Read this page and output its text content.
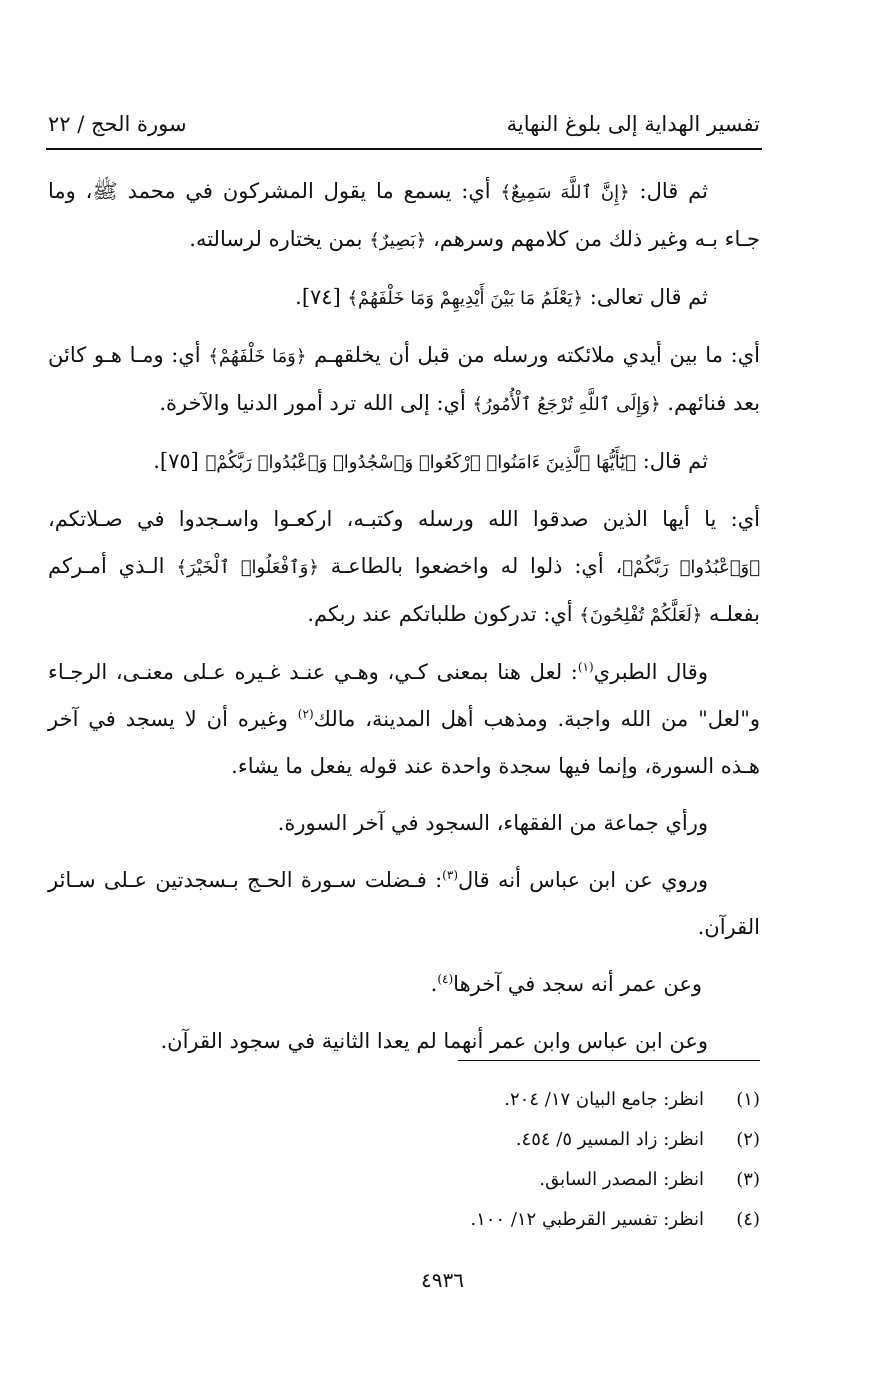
تفسير الهداية إلى بلوغ النهاية
سورة الحج / ٢٢

ثم قال: ﴿إِنَّ ٱللَّهَ سَمِيعٌ﴾ أي: يسمع ما يقول المشركون في محمد ﷺ، وما جـاء بـه وغير ذلك من كلامهم وسرهم، ﴿بَصِيرٌ﴾ بمن يختاره لرسالته.

ثم قال تعالى: ﴿يَعْلَمُ مَا بَيْنَ أَيْدِيهِمْ وَمَا خَلْفَهُمْ﴾ [٧٤].

أي: ما بين أيدي ملائكته ورسله من قبل أن يخلقهـم ﴿وَمَا خَلْفَهُمْ﴾ أي: ومـا هـو كائن بعد فنائهم. ﴿وَإِلَى ٱللَّهِ تُرْجَعُ ٱلْأُمُورُ﴾ أي: إلى الله ترد أمور الدنيا والآخرة.

ثم قال: ﴿يَٰٓأَيُّهَا ٱلَّذِينَ ءَامَنُوا۟ ٱرْكَعُوا۟ وَٱسْجُدُوا۟ وَٱعْبُدُوا۟ رَبَّكُمْ﴾ [٧٥].

أي: يا أيها الذين صدقوا الله ورسله وكتبـه، اركعـوا واسـجدوا في صـلاتكم، ﴿وَٱعْبُدُوا۟ رَبَّكُمْ﴾، أي: ذلوا له واخضعوا بالطاعـة ﴿وَٱفْعَلُوا۟ ٱلْخَيْرَ﴾ الـذي أمـركم بفعلـه ﴿لَعَلَّكُمْ تُفْلِحُونَ﴾ أي: تدركون طلباتكم عند ربكم.

وقال الطبري$^{(١)}$: لعل هنا بمعنى كـي، وهـي عنـد غـيره عـلى معنـى، الرجـاء و"لعل" من الله واجبة. ومذهب أهل المدينة، مالك$^{(٢)}$ وغيره أن لا يسجد في آخر هـذه السورة، وإنما فيها سجدة واحدة عند قوله يفعل ما يشاء.

ورأي جماعة من الفقهاء، السجود في آخر السورة.

وروي عن ابن عباس أنه قال$^{(٣)}$: فـضلت سـورة الحـج بـسجدتين عـلى سـائر القرآن.

وعن عمر أنه سجد في آخرها$^{(٤)}$.

وعن ابن عباس وابن عمر أنهما لم يعدا الثانية في سجود القرآن.

(١)انظر: جامع البيان ١٧/ ٢٠٤.
(٢)انظر: زاد المسير ٥/ ٤٥٤.
(٣)انظر: المصدر السابق.
(٤)انظر: تفسير القرطبي ١٢/ ١٠٠.
٤٩٣٦
